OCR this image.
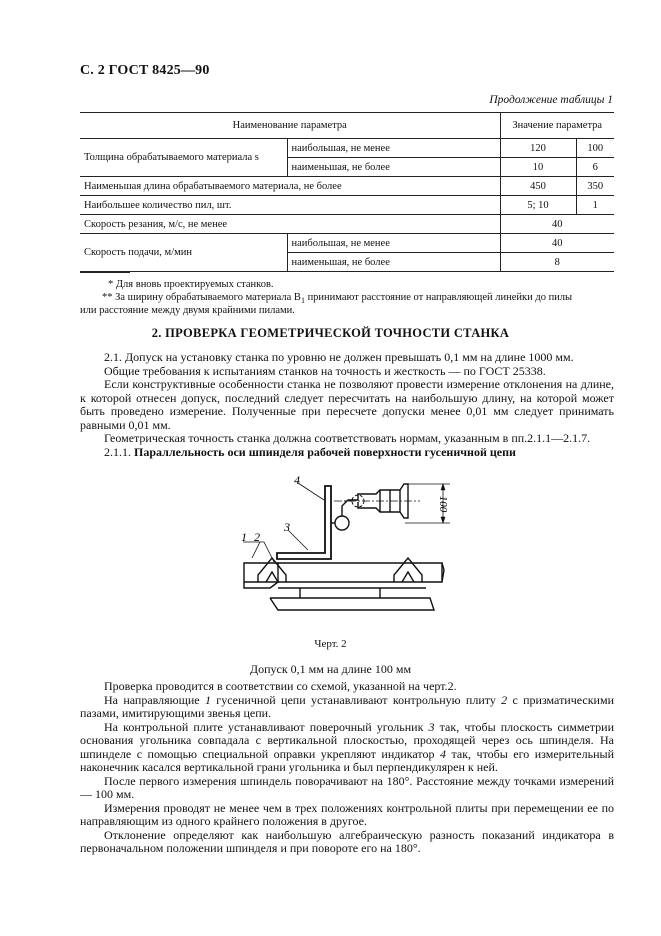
С. 2 ГОСТ 8425—90
Продолжение таблицы 1
Наименование параметра		Значение параметра	
Толщина обрабатываемого материала s	наибольшая, не менее	120	100
	наименьшая, не более	10	6
Наименьшая длина обрабатываемого материала, не более		450	350
Наибольшее количество пил, шт.		5; 10	1
Скорость резания, м/с, не менее		40	
Скорость подачи, м/мин	наибольшая, не менее	40	
	наименьшая, не более	8	
* Для вновь проектируемых станков.
** За ширину обрабатываемого материала $B_1$ принимают расстояние от направляющей линейки до пилы
или расстояние между двумя крайними пилами.
2. ПРОВЕРКА ГЕОМЕТРИЧЕСКОЙ ТОЧНОСТИ СТАНКА

2.1. Допуск на установку станка по уровню не должен превышать 0,1 мм на длине 1000 мм.

Общие требования к испытаниям станков на точность и жесткость — по ГОСТ 25338.

Если конструктивные особенности станка не позволяют провести измерение отклонения на длине, к которой отнесен допуск, последний следует пересчитать на наибольшую длину, на которой может быть проведено измерение. Полученные при пересчете допуски менее 0,01 мм следует принимать равными 0,01 мм.

Геометрическая точность станка должна соответствовать нормам, указанным в пп.2.1.1—2.1.7.

2.1.1. Параллельность оси шпинделя рабочей поверхности гусеничной цепи

4
3
1 2
100
Черт. 2
Допуск 0,1 мм на длине 100 мм

Проверка проводится в соответствии со схемой, указанной на черт.2.

На направляющие 1 гусеничной цепи устанавливают контрольную плиту 2 с призматическими пазами, имитирующими звенья цепи.

На контрольной плите устанавливают поверочный угольник 3 так, чтобы плоскость симметрии основания угольника совпадала с вертикальной плоскостью, проходящей через ось шпинделя. На шпинделе с помощью специальной оправки укрепляют индикатор 4 так, чтобы его измерительный наконечник касался вертикальной грани угольника и был перпендикулярен к ней.

После первого измерения шпиндель поворачивают на 180°. Расстояние между точками измерений — 100 мм.

Измерения проводят не менее чем в трех положениях контрольной плиты при перемещении ее по направляющим из одного крайнего положения в другое.

Отклонение определяют как наибольшую алгебраическую разность показаний индикатора в первоначальном положении шпинделя и при повороте его на 180°.
